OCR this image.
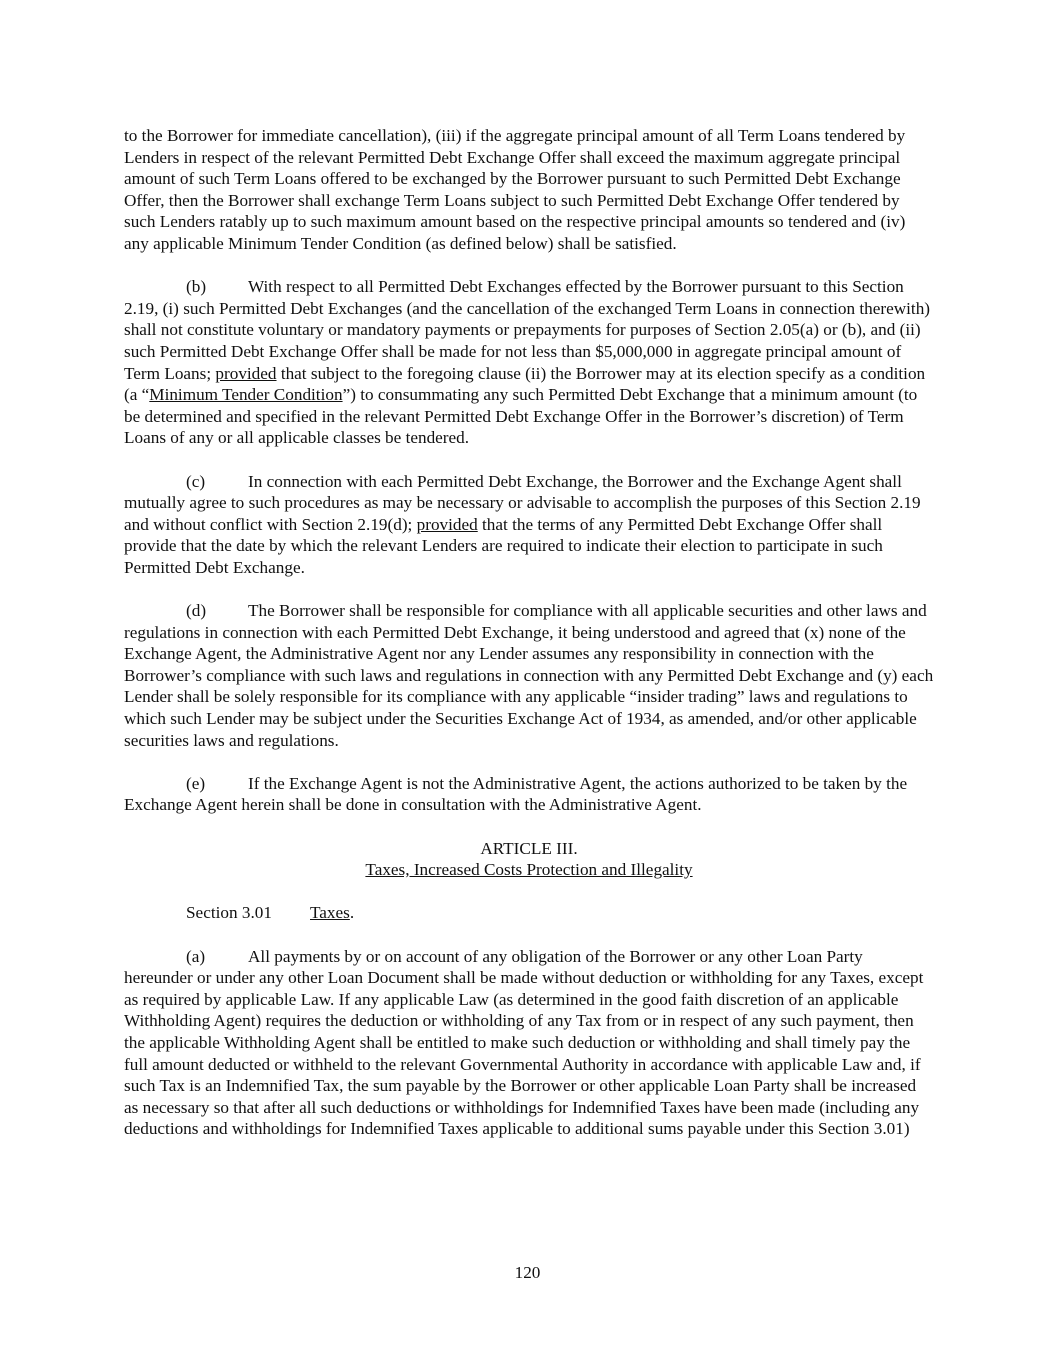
to the Borrower for immediate cancellation), (iii) if the aggregate principal amount of all Term Loans tendered by Lenders in respect of the relevant Permitted Debt Exchange Offer shall exceed the maximum aggregate principal amount of such Term Loans offered to be exchanged by the Borrower pursuant to such Permitted Debt Exchange Offer, then the Borrower shall exchange Term Loans subject to such Permitted Debt Exchange Offer tendered by such Lenders ratably up to such maximum amount based on the respective principal amounts so tendered and (iv) any applicable Minimum Tender Condition (as defined below) shall be satisfied.

(b) With respect to all Permitted Debt Exchanges effected by the Borrower pursuant to this Section 2.19, (i) such Permitted Debt Exchanges (and the cancellation of the exchanged Term Loans in connection therewith) shall not constitute voluntary or mandatory payments or prepayments for purposes of Section 2.05(a) or (b), and (ii) such Permitted Debt Exchange Offer shall be made for not less than $5,000,000 in aggregate principal amount of Term Loans; provided that subject to the foregoing clause (ii) the Borrower may at its election specify as a condition (a “Minimum Tender Condition”) to consummating any such Permitted Debt Exchange that a minimum amount (to be determined and specified in the relevant Permitted Debt Exchange Offer in the Borrower’s discretion) of Term Loans of any or all applicable classes be tendered.

(c) In connection with each Permitted Debt Exchange, the Borrower and the Exchange Agent shall mutually agree to such procedures as may be necessary or advisable to accomplish the purposes of this Section 2.19 and without conflict with Section 2.19(d); provided that the terms of any Permitted Debt Exchange Offer shall provide that the date by which the relevant Lenders are required to indicate their election to participate in such Permitted Debt Exchange.

(d) The Borrower shall be responsible for compliance with all applicable securities and other laws and regulations in connection with each Permitted Debt Exchange, it being understood and agreed that (x) none of the Exchange Agent, the Administrative Agent nor any Lender assumes any responsibility in connection with the Borrower’s compliance with such laws and regulations in connection with any Permitted Debt Exchange and (y) each Lender shall be solely responsible for its compliance with any applicable “insider trading” laws and regulations to which such Lender may be subject under the Securities Exchange Act of 1934, as amended, and/or other applicable securities laws and regulations.

(e) If the Exchange Agent is not the Administrative Agent, the actions authorized to be taken by the Exchange Agent herein shall be done in consultation with the Administrative Agent.

ARTICLE III.

Taxes, Increased Costs Protection and Illegality

Section 3.01 Taxes.

(a) All payments by or on account of any obligation of the Borrower or any other Loan Party hereunder or under any other Loan Document shall be made without deduction or withholding for any Taxes, except as required by applicable Law. If any applicable Law (as determined in the good faith discretion of an applicable Withholding Agent) requires the deduction or withholding of any Tax from or in respect of any such payment, then the applicable Withholding Agent shall be entitled to make such deduction or withholding and shall timely pay the full amount deducted or withheld to the relevant Governmental Authority in accordance with applicable Law and, if such Tax is an Indemnified Tax, the sum payable by the Borrower or other applicable Loan Party shall be increased as necessary so that after all such deductions or withholdings for Indemnified Taxes have been made (including any deductions and withholdings for Indemnified Taxes applicable to additional sums payable under this Section 3.01)

120
